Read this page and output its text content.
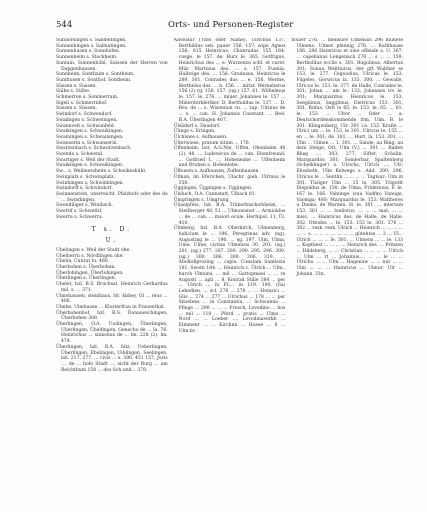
544	Orts- und Personen-Register

Sundörsingen s. Sundelfingen.

Sunnenhingen s. Salmatingen.

Sunnenhusen s. Sonnhofen.

Sunnenheim s. Stockheim.

Suntain, Sunnenbühl, Suissen der Herren von Dapgenhausen.

Sunnheim, Sunthaim s. Sontheim.

Sunthusen s. Sonthof, Sontheim.

Süssen s. Süssen.

Sülbe s. Sülbe.

Schmerren s. Sommerrain.

Sigeli s. Schmerrnhof.

Sussen s. Süssen.

Swindorf s. Schwendorf.

Swaibigen s. Schweinigen.

Swannvelt s. Schwanfeld.

Swaikingen s. Schwaikingen.

Swainingen s. Schwainingen.

Swanserin s. Schwanserin.

Swarzenbach s. Schwarzenbach.

Swenda s. Schwend.

Swartiger s. Weil der Stadt.

Swaikingen s. Schweikingen.

Sw... s. Weilmersheim s. Schwikesbühl.

Swinplatz s. Schwinplatz.

Swinhingen s. Schwinhingen.

Swindorff s. Schwindorf.

Swinnenstein, unerreicht. Pfalzhofs oder des de ... Swindingen.

Swendiliger s. Windisch.

Swettif s. Schwettif.

Swerra s. Schwerra.

T s. D.
U.

Ubelingen s. Weil der Stadt ohe.

Ubelherrn s. Nördlingen ohe.

Ubelin, Cunrat lu. 480.

Uberbohen s. Überbohen.

Überlohingen, Überlohingen.

Überlingen s. Überlingen.

Ubelet, bzl. B.S. Bruchsal, Heinrich Gerhardus mil. s. ... 371.

Ulmehausen, steinhaus. Hr. Abbey, Ol ... reus ... 406.

Ulmbe, Ulmhusen ... Klosterfrau in Frauenthal.

Überbohenhof, bzl. B.S. Donaueschingen, Überbohen 308.

Überlingen, O.A. Uodingen, Überlingen, Uberlingen, Übelfingen, Genecho de ... Ia. 76. Heinrichus ... sinkonus de ... lm. 228 (2). lm. 474.

Überlingen, bzl. B.A. Sitz, Ueberlingen, Überlingen. Ebelingen, Uiblingen, Seelingen, bzl. 217. 277. ... civis ... s. 390. 451 157, Juris .... de ... hofo Stadt ..., sicht der Burg ... am Reichthum 158 ... des Sch und... 378.

Adveatur (Titel oder Name), Ulrichus 137. Berthildus sen. pauer 156. 157; sope Agnes 156; 815 Heinricus. Chunradus 155 164. cusge. le 157. de. Burs le. 365. Gotfrigus, Heinrichus des ... e. Wurzenzu schl. et curer. Mür. Martinus des. ... s. 157. Fuenia. Hallwige des. ... 156. Gradusus, Heinricus le 289. 301, Conrades dus ... e. 156. Werme, Berthelus des. ... b. 156. ... mitar. Werneherus 156 (2) rg. 156. 157. (ug.) 157. 61. Wilhelmus le. 157. le. 276. ... miner. Johannes le. 157 ... Mineriterkleriker. D. Berthuldus le. 137. ... D. Bes. de ... s. Wizennon cn. ... rap. Ulrinus de ... s. ... can. H. Johannis Constant. ... Bed. B.A. Überlingen 467.

Ülsäderf s. Daudorf.

Ülinge s. Eringen.

Ülchiswe s. Aufhausen.

Ülterwiese, pratum situm ... 176.

Üffenheim, bzr. A.G.Nie, Uffen, Ohenheim 46 (2). 48. ... Ludewicus de ... can. Ebenfreund. ... Gotfried 1. ..., Hoheneahe ... Uffenheim und Bruhen s. Hohenlohe.

Üfhusen s. Aufhausen, Zuffenhausen.

Üfman, im Eferichen, Ulachr. gieh. Ulrinus le 350.

Üggingen, Üggingen s. Uggingen.

Ükiluch, O.A. Cannstatt, Ülbach 81.

Ümgringen s. Umgrung.

Üüxelpfets, bzl. B.A. Träberbischofsheim, ... Steilberger 48, 51 ... Ulmonisnet ... Armioldus ... de ... can. ... maiori ecnle. Herhipol. 11, Üi. 410.

Ülmberg, bzl. B.A. Oberkirch, Ulmenberg, ludicium le ... 196. Peregrinus adv. (ng). Augusting le ... 196, ... sg. 197. Ulm, Ulma, Ume, Ulme, civitas Ulmensis 30. 201. (sg.) 201. (sg.) 277. 287. 280. 290. 295. 296. 300. (sg.) 300. 306. 300. 306. 319. ... Abolbdlprozing ... capla. Cunstam Santissin 181. Swotn 184. ... Heinrich c. Ülrich ... Ulm,. burch Ulmuns, ... mil ... Gattopmaei ... ... re Augusti ... apli ... 8. Konrad Stilie 184 ... per ... Ulrich ... in Fr.... in 119. 190. (6a) Lebedien. ... scl. 276 ... 276 ... ... Heinrici ... Glis ... 274 ... 277 ... Ulrichus ... 178 ... ... per Sitzelens ... in Constantia, ... Schwanna ... Pflege ... 290 ... ... ... Frosch, Lovodino ... bos ... mil ... 118 ... Pferd ... pratis ... Ulms ... Nord ... ... Loeber ..., Lovodinaverkh ... Elmmenr ... ... Kirchnn ... Hosee ... 8 ... Ulm.bc

holzer 276. ... mensure Ulmensis 296 munete Ulmens. Ulmer pfennig 276. ... Rathhause 186. 286 Hainricus et sine offeiale s. U. 307. ... capellanus Lengenach 276 ... s ... ... 159. Bertholdus ecclie s. 301. Bugolinus, Albertus 301; Sonua Welthurus, der gft Walther ss 153, le. 277. Cegoodius, Ulricus le. 153. Fügeles, Gerwicus la. 133. 300. ... Gewalle, Ulricus le. 153, le. 377. de Halle, Conrades le. 301; Johan ... am le. 133; Johannes iro le. 301; Marguardus, Heinricus le. 153. Seegilinus, Sagglinus, Dietricus 153. 301, 301, Rufus, Ostt ts 65, le. 153. le. 65. ... 61. le. 153. ... Ulter ... Oder ... a. Deutschordenskommende frm. Ulm. B. le 301. Klingenberg, Ulr. 301 i.e. 152. Krafin ... Ulrici um ... le. 153, le 301. Ulricus le. 155 ... en ... le. 301; de. 181. ... Hurt. la. 153. 301. ... Ulm ... Ulmen ... 1. 301. ... Sande, au Ring, au dem Steige, Ott, Ulm (V.) ... 301 ... Raden Blieg ..., 303; 277. Sifter, Sväulin, Marquardsu 301; Sonderbar, Spaltenberg (Schelklinger) s. Ulrichs, Ulrich ..., Ulr; Elissbeth, Ulm Kelwegs s. Add. 300, 296. Ulricus le ... Sentlin ... ... ... ... Tagtsar; Ulm in 301. Tüsiger Ulm ... 15 le. 305. Trigottt Diepoldus le. 150. de Ulma, Friderious, F. le. 167 le. 166. Vahunge (suu Vadfin) Vanuge, Vaomga; 480; Marquardus le. 153. Waltheres u Diems, de Warden, H. le. 301. ... mlerium 153. 301 ... ... Ioeliorus, ... ... ... mal; ... ... miss. ... Hainricus des. de Halle, de Halle. 302. Ottodes ... le. 153. 153 le. 301. 376 ... 382 ... resk. resk. Ulrich ... Heinrich ... ... ... ... ... ... s. ... ... ... ... ... ... ... gütehtse ... 3 ... Ul... Ulrich ... ... ... le. 301. ... Ulmens ... ... le. 133 ... Kopfnest ... ... ... ... Heinrich des. ... Prinzen ... Hildsberg, ... ... Christian ... ... ... ... Ulrich ... Ulm ... rt ... Johannis..., ... ... le ... ... Ulrichs. ... ... Ulm ... Hagenaw ... ... nur ... ... Ulm ... ... ... Hainricus ... Ulmur. Ulr ... Johann. Uln.
